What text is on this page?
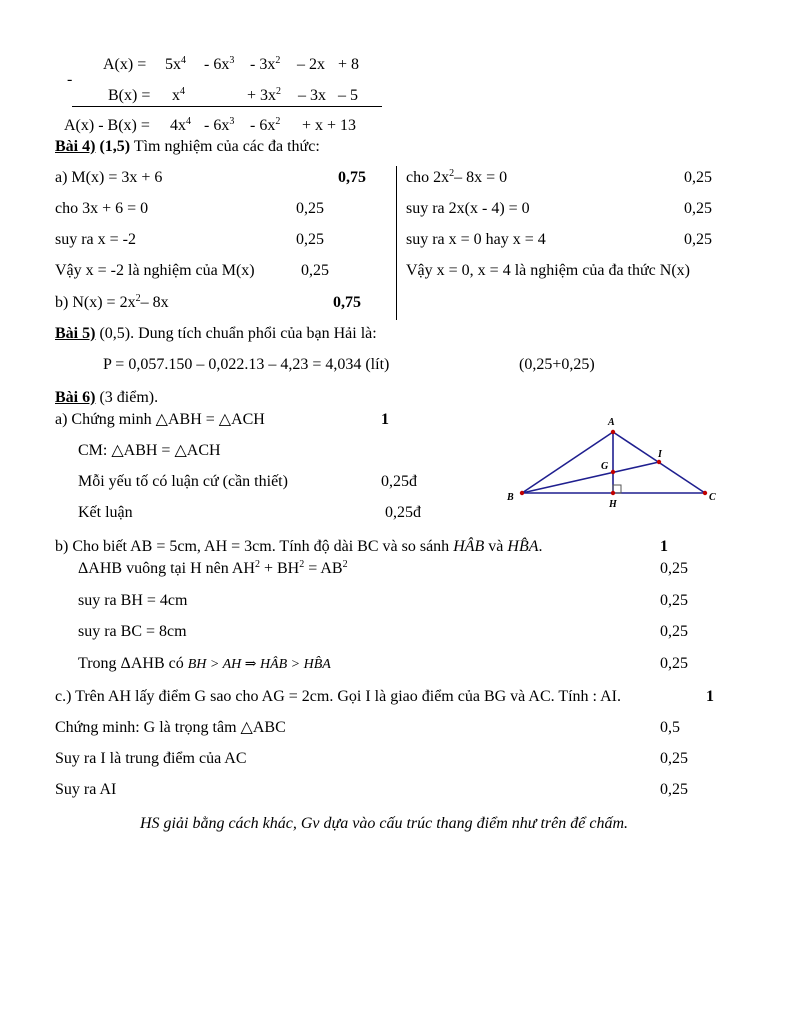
-
$A(x) = 5x^4 - 6x^3 - 3x^2 - 2x + 8$
$B(x) = x^4$	+ $3x^2 - 3x - 5$
$A(x) - B(x) = 4x^4 - 6x^3 - 6x^2 + x + 13$
Bài 4) (1,5) Tìm nghiệm của các đa thức:
a) M(x) = 3x + 6	0,75
cho 3x + 6 = 0	0,25
suy ra x = -2	0,25
Vậy x = -2 là nghiệm của M(x)	0,25
b) $N(x) = 2x^2-$ 8x	0,75
cho $2x^2-$ 8x = 0	0,25
suy ra 2x(x - 4) = 0	0,25
suy ra x = 0 hay x = 4	0,25
Vậy x = 0, x = 4 là nghiệm của đa thức N(x)
Bài 5) (0,5). Dung tích chuẩn phổi của bạn Hải là:
P = 0,057.150 – 0,022.13 – 4,23 = 4,034 (lít)	(0,25+0,25)
Bài 6) (3 điểm).
a) Chứng minh △ABH = △ACH	1
CM: △ABH = △ACH
Mỗi yếu tố có luận cứ (cần thiết)	0,25đ
Kết luận	0,25đ
A
B	C
H
G
I
b) Cho biết AB = 5cm, AH = 3cm. Tính độ dài BC và so sánh HÂB và HB̂A.	1
ΔAHB vuông tại H nên $AH^2 + BH^2 = AB^2$	0,25
suy ra BH = 4cm	0,25
suy ra BC = 8cm	0,25
Trong ΔAHB có BH > AH ⇒ HÂB > HB̂A	0,25
c.) Trên AH lấy điểm G sao cho AG = 2cm. Gọi I là giao điểm của BG và AC. Tính : AI.	1
Chứng minh: G là trọng tâm △ABC	0,5
Suy ra I là trung điểm của AC	0,25
Suy ra AI	0,25
HS giải bằng cách khác, Gv dựa vào cấu trúc thang điểm như trên để chấm.
